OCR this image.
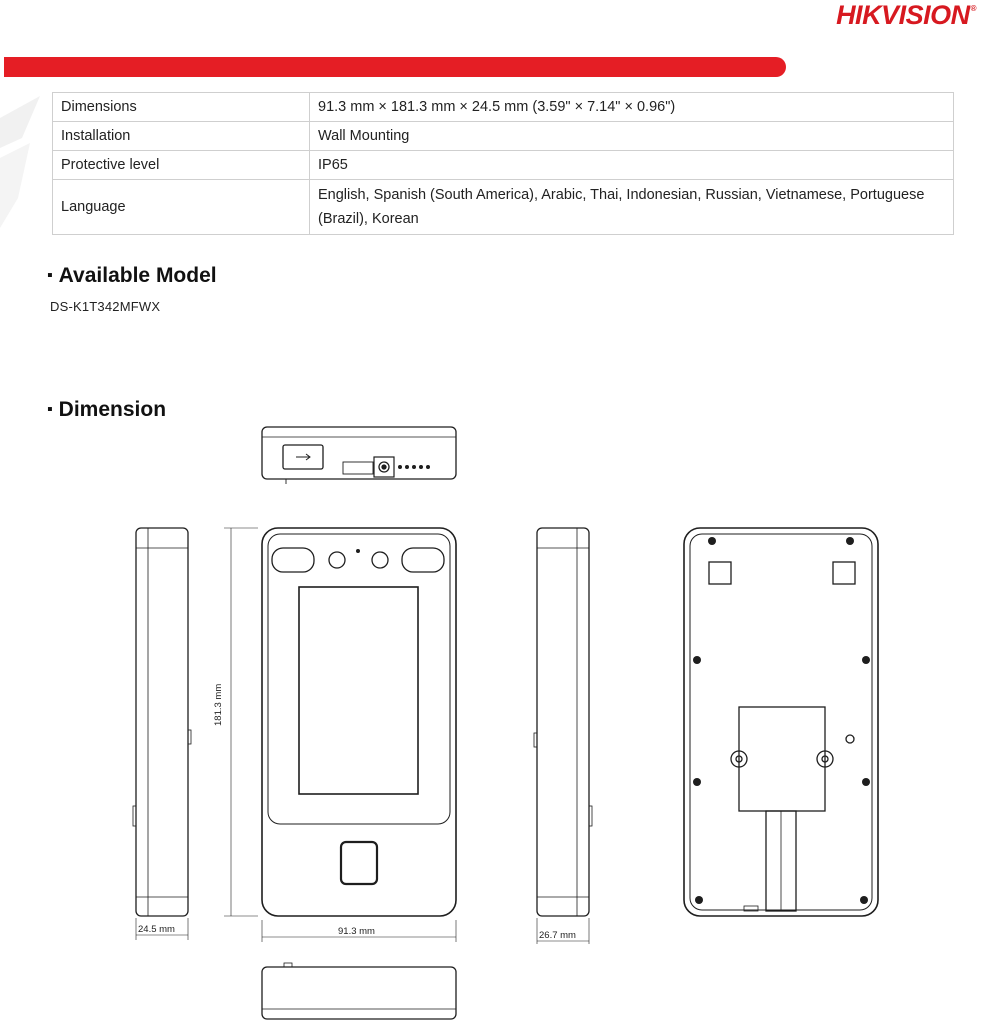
HIKVISION ®
Dimensions	91.3 mm × 181.3 mm × 24.5 mm (3.59" × 7.14" × 0.96")
Installation	Wall Mounting
Protective level	IP65
Language	English, Spanish (South America), Arabic, Thai, Indonesian, Russian, Vietnamese, Portuguese (Brazil), Korean
▪ Available Model
DS-K1T342MFWX
▪ Dimension
24.5 mm
181.3 mm
91.3 mm	26.7 mm
